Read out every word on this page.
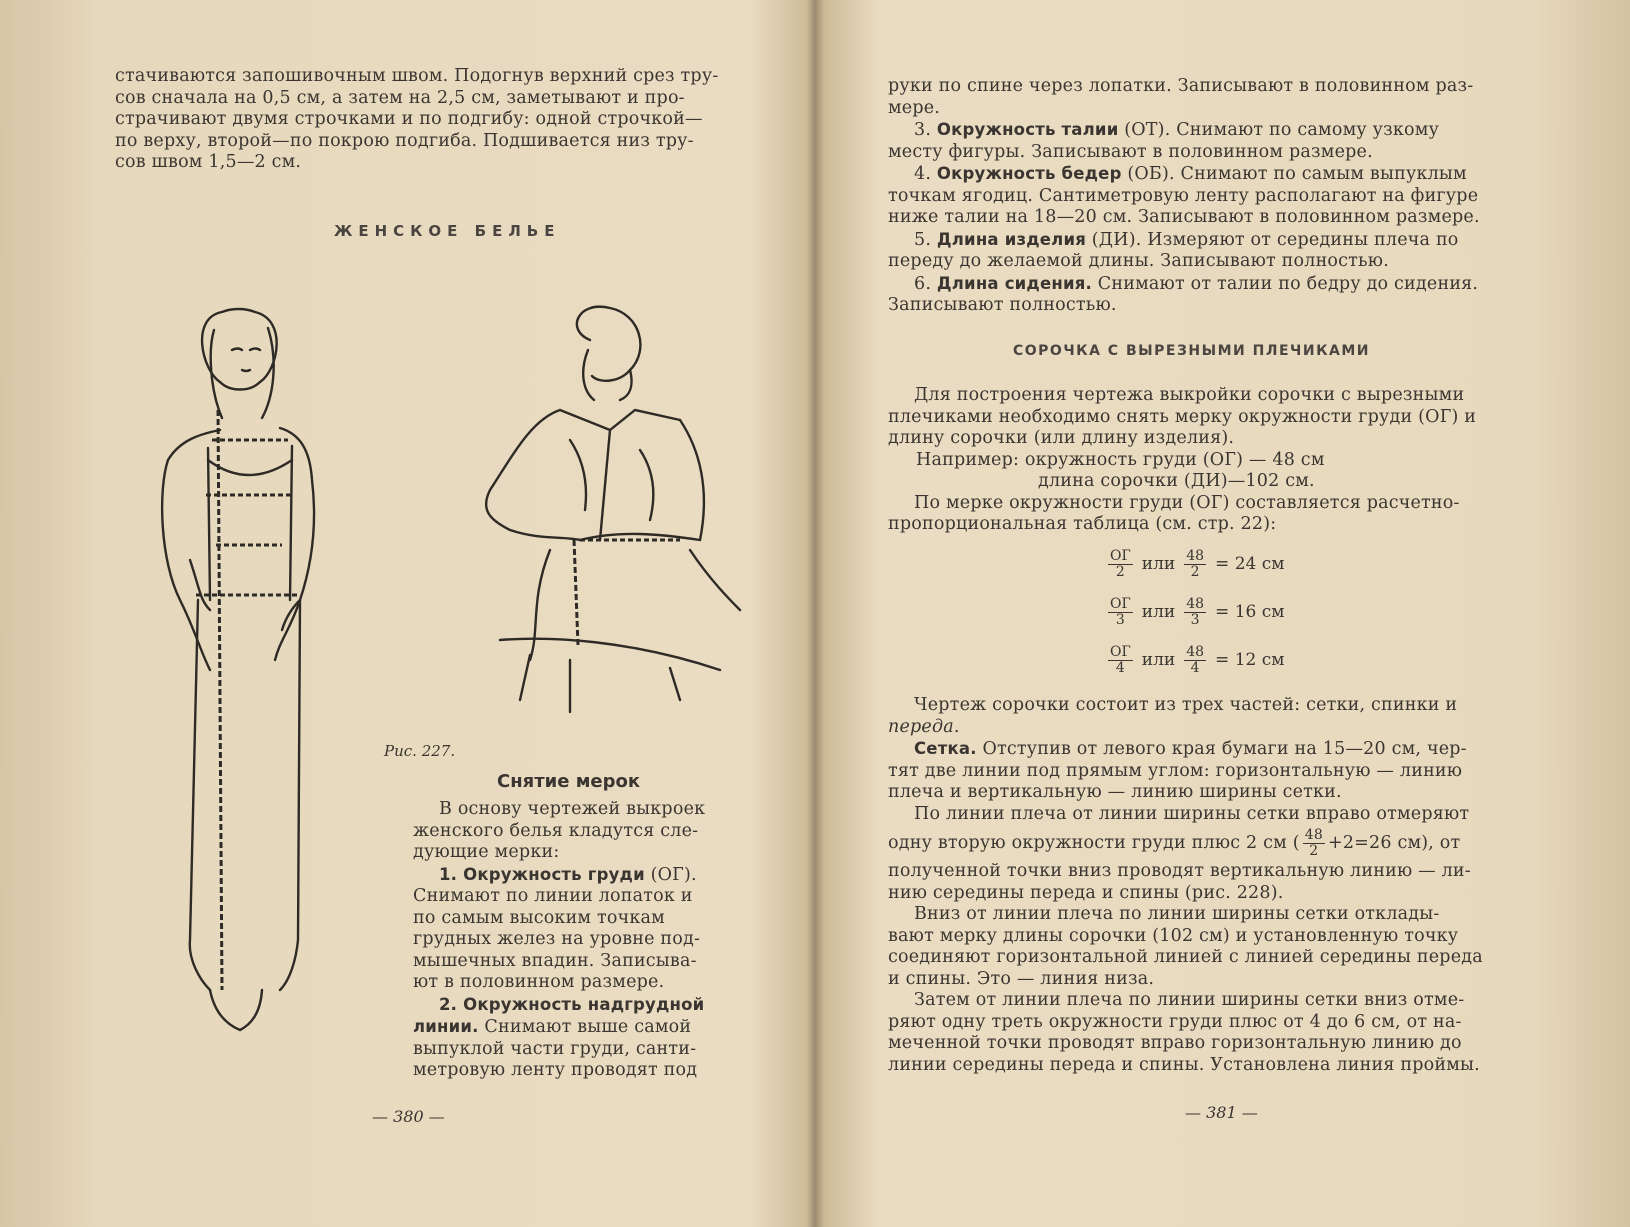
стачиваются запошивочным швом. Подогнув верхний срез тру-

сов сначала на 0,5 см, а затем на 2,5 см, заметывают и про-

страчивают двумя строчками и по подгибу: одной строчкой—

по верху, второй—по покрою подгиба. Подшивается низ тру-

сов швом 1,5—2 см.

ЖЕНСКОЕ БЕЛЬЕ
Рис. 227.
Снятие мерок

В основу чертежей выкроек

женского белья кладутся сле-

дующие мерки:

1. Окружность груди (ОГ).

Снимают по линии лопаток и

по самым высоким точкам

грудных желез на уровне под-

мышечных впадин. Записыва-

ют в половинном размере.

2. Окружность надгрудной

линии. Снимают выше самой

выпуклой части груди, санти-

метровую ленту проводят под

— 380 —

руки по спине через лопатки. Записывают в половинном раз-

мере.

3. Окружность талии (ОТ). Снимают по самому узкому

месту фигуры. Записывают в половинном размере.

4. Окружность бедер (ОБ). Снимают по самым выпуклым

точкам ягодиц. Сантиметровую ленту располагают на фигуре

ниже талии на 18—20 см. Записывают в половинном размере.

5. Длина изделия (ДИ). Измеряют от середины плеча по

переду до желаемой длины. Записывают полностью.

6. Длина сидения. Снимают от талии по бедру до сидения.

Записывают полностью.

СОРОЧКА С ВЫРЕЗНЫМИ ПЛЕЧИКАМИ

Для построения чертежа выкройки сорочки с вырезными

плечиками необходимо снять мерку окружности груди (ОГ) и

длину сорочки (или длину изделия).

Например: окружность груди (ОГ) — 48 см

длина сорочки (ДИ)—102 см.

По мерке окружности груди (ОГ) составляется расчетно-

пропорциональная таблица (см. стр. 22):

$\frac{ОГ}{2}$ или $\frac{48}{2} = 24$ см
$\frac{ОГ}{3}$ или $\frac{48}{3} = 16$ см
$\frac{ОГ}{4}$ или $\frac{48}{4} = 12$ см

Чертеж сорочки состоит из трех частей: сетки, спинки и

переда.

Сетка. Отступив от левого края бумаги на 15—20 см, чер-

тят две линии под прямым углом: горизонтальную — линию

плеча и вертикальную — линию ширины сетки.

По линии плеча от линии ширины сетки вправо отмеряют

одну вторую окружности груди плюс 2 см ( $\frac{48}{2} +2=26$ см), от

полученной точки вниз проводят вертикальную линию — ли-

нию середины переда и спины (рис. 228).

Вниз от линии плеча по линии ширины сетки отклады-

вают мерку длины сорочки (102 см) и установленную точку

соединяют горизонтальной линией с линией середины переда

и спины. Это — линия низа.

Затем от линии плеча по линии ширины сетки вниз отме-

ряют одну треть окружности груди плюс от 4 до 6 см, от на-

меченной точки проводят вправо горизонтальную линию до

линии середины переда и спины. Установлена линия проймы.

— 381 —
